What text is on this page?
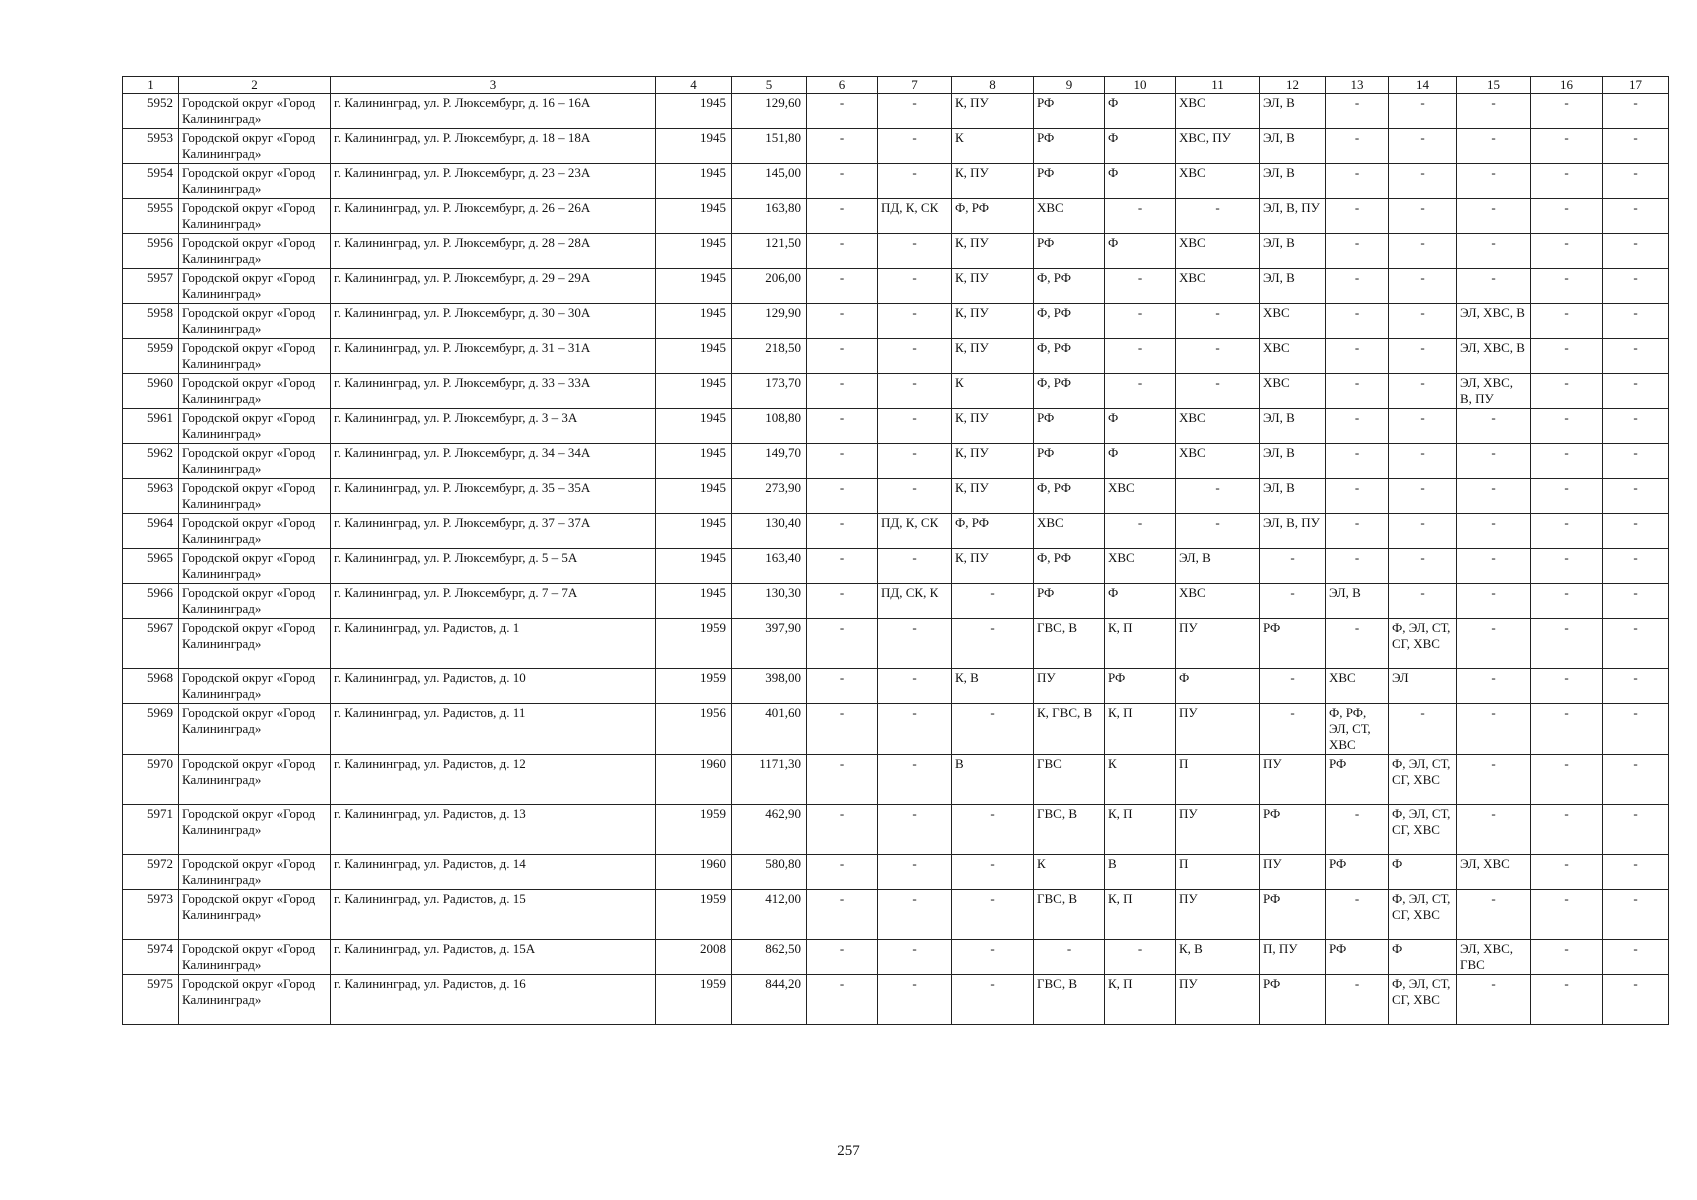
1	2	3	4	5	6	7	8	9	10	11	12	13	14	15	16	17
5952	Городской округ «Город Калининград»	г. Калининград, ул. Р. Люксембург, д. 16 – 16А	1945	129,60	-	-	К, ПУ	РФ	Ф	ХВС	ЭЛ, В	-	-	-	-	-
5953	Городской округ «Город Калининград»	г. Калининград, ул. Р. Люксембург, д. 18 – 18А	1945	151,80	-	-	К	РФ	Ф	ХВС, ПУ	ЭЛ, В	-	-	-	-	-
5954	Городской округ «Город Калининград»	г. Калининград, ул. Р. Люксембург, д. 23 – 23А	1945	145,00	-	-	К, ПУ	РФ	Ф	ХВС	ЭЛ, В	-	-	-	-	-
5955	Городской округ «Город Калининград»	г. Калининград, ул. Р. Люксембург, д. 26 – 26А	1945	163,80	-	ПД, К, СК	Ф, РФ	ХВС	-	-	ЭЛ, В, ПУ	-	-	-	-	-
5956	Городской округ «Город Калининград»	г. Калининград, ул. Р. Люксембург, д. 28 – 28А	1945	121,50	-	-	К, ПУ	РФ	Ф	ХВС	ЭЛ, В	-	-	-	-	-
5957	Городской округ «Город Калининград»	г. Калининград, ул. Р. Люксембург, д. 29 – 29А	1945	206,00	-	-	К, ПУ	Ф, РФ	-	ХВС	ЭЛ, В	-	-	-	-	-
5958	Городской округ «Город Калининград»	г. Калининград, ул. Р. Люксембург, д. 30 – 30А	1945	129,90	-	-	К, ПУ	Ф, РФ	-	-	ХВС	-	-	ЭЛ, ХВС, В	-	-
5959	Городской округ «Город Калининград»	г. Калининград, ул. Р. Люксембург, д. 31 – 31А	1945	218,50	-	-	К, ПУ	Ф, РФ	-	-	ХВС	-	-	ЭЛ, ХВС, В	-	-
5960	Городской округ «Город Калининград»	г. Калининград, ул. Р. Люксембург, д. 33 – 33А	1945	173,70	-	-	К	Ф, РФ	-	-	ХВС	-	-	ЭЛ, ХВС, В, ПУ	-	-
5961	Городской округ «Город Калининград»	г. Калининград, ул. Р. Люксембург, д. 3 – 3А	1945	108,80	-	-	К, ПУ	РФ	Ф	ХВС	ЭЛ, В	-	-	-	-	-
5962	Городской округ «Город Калининград»	г. Калининград, ул. Р. Люксембург, д. 34 – 34А	1945	149,70	-	-	К, ПУ	РФ	Ф	ХВС	ЭЛ, В	-	-	-	-	-
5963	Городской округ «Город Калининград»	г. Калининград, ул. Р. Люксембург, д. 35 – 35А	1945	273,90	-	-	К, ПУ	Ф, РФ	ХВС	-	ЭЛ, В	-	-	-	-	-
5964	Городской округ «Город Калининград»	г. Калининград, ул. Р. Люксембург, д. 37 – 37А	1945	130,40	-	ПД, К, СК	Ф, РФ	ХВС	-	-	ЭЛ, В, ПУ	-	-	-	-	-
5965	Городской округ «Город Калининград»	г. Калининград, ул. Р. Люксембург, д. 5 – 5А	1945	163,40	-	-	К, ПУ	Ф, РФ	ХВС	ЭЛ, В	-	-	-	-	-	-
5966	Городской округ «Город Калининград»	г. Калининград, ул. Р. Люксембург, д. 7 – 7А	1945	130,30	-	ПД, СК, К	-	РФ	Ф	ХВС	-	ЭЛ, В	-	-	-	-
5967	Городской округ «Город Калининград»	г. Калининград, ул. Радистов, д. 1	1959	397,90	-	-	-	ГВС, В	К, П	ПУ	РФ	-	Ф, ЭЛ, СТ, СГ, ХВС	-	-	-
5968	Городской округ «Город Калининград»	г. Калининград, ул. Радистов, д. 10	1959	398,00	-	-	К, В	ПУ	РФ	Ф	-	ХВС	ЭЛ	-	-	-
5969	Городской округ «Город Калининград»	г. Калининград, ул. Радистов, д. 11	1956	401,60	-	-	-	К, ГВС, В	К, П	ПУ	-	Ф, РФ, ЭЛ, СТ, ХВС	-	-	-	-
5970	Городской округ «Город Калининград»	г. Калининград, ул. Радистов, д. 12	1960	1171,30	-	-	В	ГВС	К	П	ПУ	РФ	Ф, ЭЛ, СТ, СГ, ХВС	-	-	-
5971	Городской округ «Город Калининград»	г. Калининград, ул. Радистов, д. 13	1959	462,90	-	-	-	ГВС, В	К, П	ПУ	РФ	-	Ф, ЭЛ, СТ, СГ, ХВС	-	-	-
5972	Городской округ «Город Калининград»	г. Калининград, ул. Радистов, д. 14	1960	580,80	-	-	-	К	В	П	ПУ	РФ	Ф	ЭЛ, ХВС	-	-
5973	Городской округ «Город Калининград»	г. Калининград, ул. Радистов, д. 15	1959	412,00	-	-	-	ГВС, В	К, П	ПУ	РФ	-	Ф, ЭЛ, СТ, СГ, ХВС	-	-	-
5974	Городской округ «Город Калининград»	г. Калининград, ул. Радистов, д. 15А	2008	862,50	-	-	-	-	-	К, В	П, ПУ	РФ	Ф	ЭЛ, ХВС, ГВС	-	-
5975	Городской округ «Город Калининград»	г. Калининград, ул. Радистов, д. 16	1959	844,20	-	-	-	ГВС, В	К, П	ПУ	РФ	-	Ф, ЭЛ, СТ, СГ, ХВС	-	-	-
257
